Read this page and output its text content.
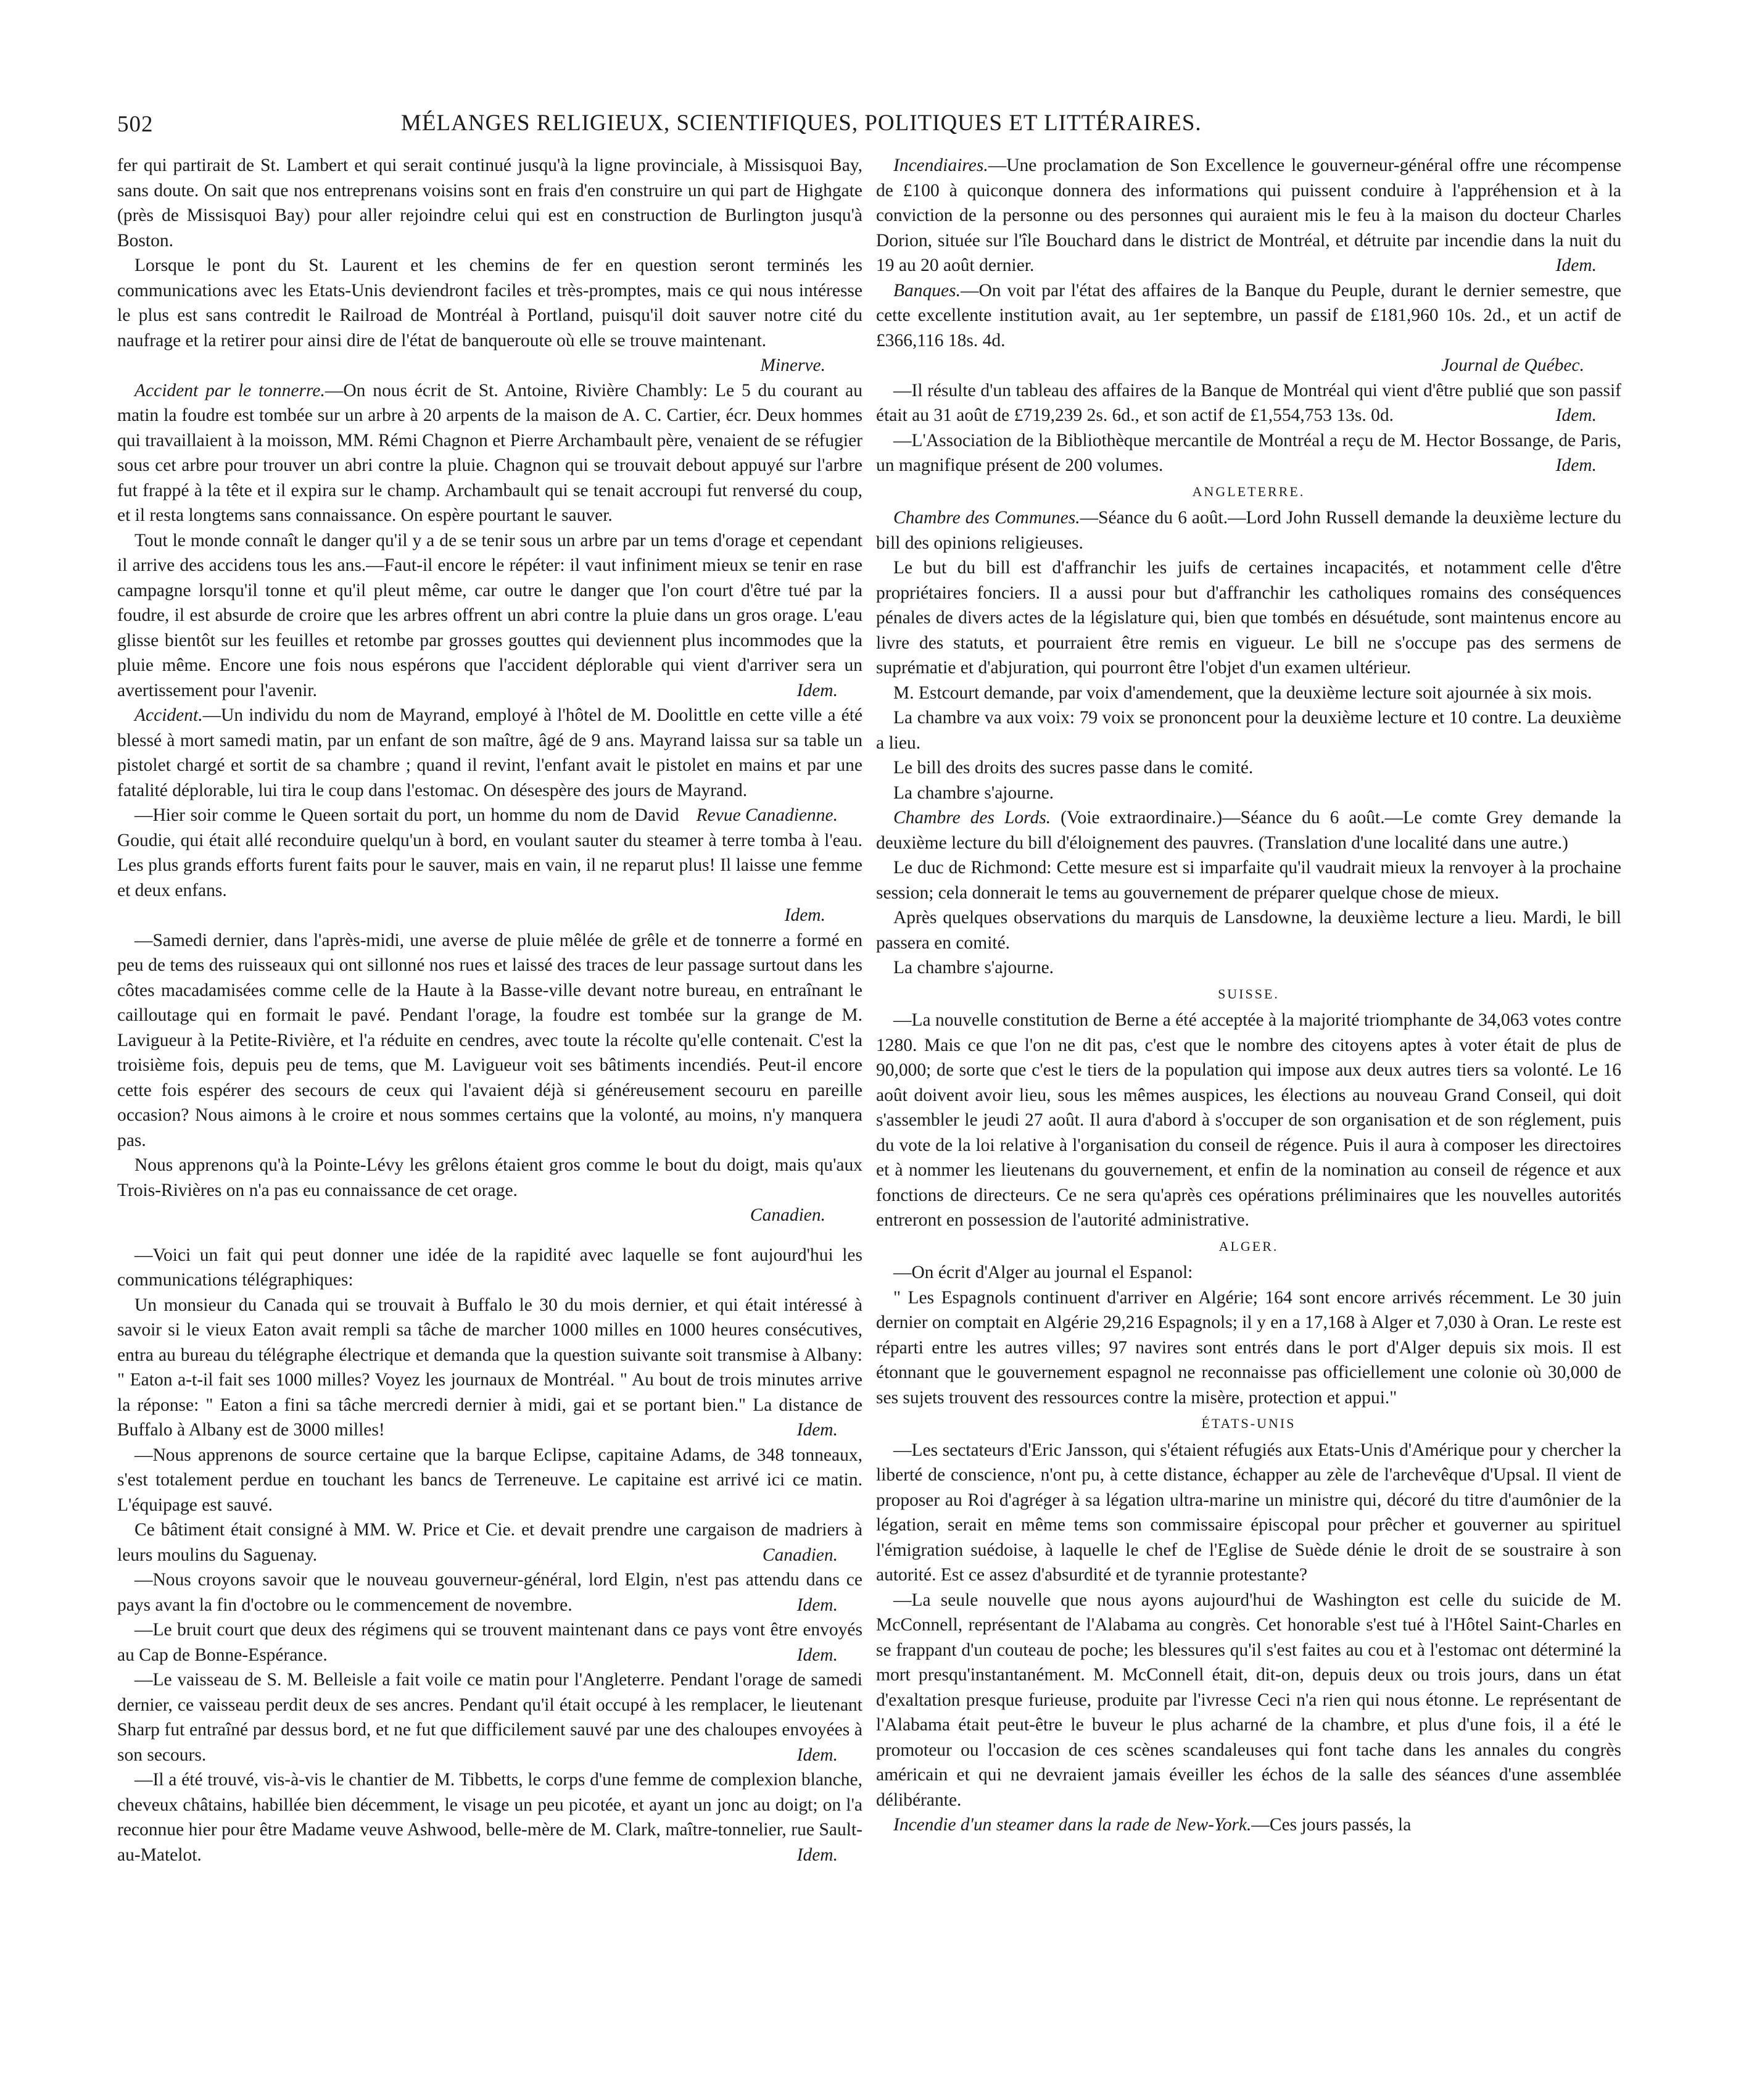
502	MÉLANGES RELIGIEUX, SCIENTIFIQUES, POLITIQUES ET LITTÉRAIRES.

fer qui partirait de St. Lambert et qui serait continué jusqu'à la ligne provinciale, à Missisquoi Bay, sans doute. On sait que nos entreprenans voisins sont en frais d'en construire un qui part de Highgate (près de Missisquoi Bay) pour aller rejoindre celui qui est en construction de Burlington jusqu'à Boston.

Lorsque le pont du St. Laurent et les chemins de fer en question seront terminés les communications avec les Etats-Unis deviendront faciles et très-promptes, mais ce qui nous intéresse le plus est sans contredit le Railroad de Montréal à Portland, puisqu'il doit sauver notre cité du naufrage et la retirer pour ainsi dire de l'état de banqueroute où elle se trouve maintenant.

Minerve.

Accident par le tonnerre.—On nous écrit de St. Antoine, Rivière Chambly: Le 5 du courant au matin la foudre est tombée sur un arbre à 20 arpents de la maison de A. C. Cartier, écr. Deux hommes qui travaillaient à la moisson, MM. Rémi Chagnon et Pierre Archambault père, venaient de se réfugier sous cet arbre pour trouver un abri contre la pluie. Chagnon qui se trouvait debout appuyé sur l'arbre fut frappé à la tête et il expira sur le champ. Archambault qui se tenait accroupi fut renversé du coup, et il resta longtems sans connaissance. On espère pourtant le sauver.

Tout le monde connaît le danger qu'il y a de se tenir sous un arbre par un tems d'orage et cependant il arrive des accidens tous les ans.—Faut-il encore le répéter: il vaut infiniment mieux se tenir en rase campagne lorsqu'il tonne et qu'il pleut même, car outre le danger que l'on court d'être tué par la foudre, il est absurde de croire que les arbres offrent un abri contre la pluie dans un gros orage. L'eau glisse bientôt sur les feuilles et retombe par grosses gouttes qui deviennent plus incommodes que la pluie même. Encore une fois nous espérons que l'accident déplorable qui vient d'arriver sera un avertissement pour l'avenir.	Idem.

Accident.—Un individu du nom de Mayrand, employé à l'hôtel de M. Doolittle en cette ville a été blessé à mort samedi matin, par un enfant de son maître, âgé de 9 ans. Mayrand laissa sur sa table un pistolet chargé et sortit de sa chambre ; quand il revint, l'enfant avait le pistolet en mains et par une fatalité déplorable, lui tira le coup dans l'estomac. On désespère des jours de Mayrand.
Revue Canadienne.

—Hier soir comme le Queen sortait du port, un homme du nom de David Goudie, qui était allé reconduire quelqu'un à bord, en voulant sauter du steamer à terre tomba à l'eau. Les plus grands efforts furent faits pour le sauver, mais en vain, il ne reparut plus! Il laisse une femme et deux enfans.

Idem.

—Samedi dernier, dans l'après-midi, une averse de pluie mêlée de grêle et de tonnerre a formé en peu de tems des ruisseaux qui ont sillonné nos rues et laissé des traces de leur passage surtout dans les côtes macadamisées comme celle de la Haute à la Basse-ville devant notre bureau, en entraînant le cailloutage qui en formait le pavé. Pendant l'orage, la foudre est tombée sur la grange de M. Lavigueur à la Petite-Rivière, et l'a réduite en cendres, avec toute la récolte qu'elle contenait. C'est la troisième fois, depuis peu de tems, que M. Lavigueur voit ses bâtiments incendiés. Peut-il encore cette fois espérer des secours de ceux qui l'avaient déjà si généreusement secouru en pareille occasion? Nous aimons à le croire et nous sommes certains que la volonté, au moins, n'y manquera pas.

Nous apprenons qu'à la Pointe-Lévy les grêlons étaient gros comme le bout du doigt, mais qu'aux Trois-Rivières on n'a pas eu connaissance de cet orage.

Canadien.

—Voici un fait qui peut donner une idée de la rapidité avec laquelle se font aujourd'hui les communications télégraphiques:

Un monsieur du Canada qui se trouvait à Buffalo le 30 du mois dernier, et qui était intéressé à savoir si le vieux Eaton avait rempli sa tâche de marcher 1000 milles en 1000 heures consécutives, entra au bureau du télégraphe électrique et demanda que la question suivante soit transmise à Albany: " Eaton a-t-il fait ses 1000 milles? Voyez les journaux de Montréal. " Au bout de trois minutes arrive la réponse: " Eaton a fini sa tâche mercredi dernier à midi, gai et se portant bien." La distance de Buffalo à Albany est de 3000 milles!	Idem.

—Nous apprenons de source certaine que la barque Eclipse, capitaine Adams, de 348 tonneaux, s'est totalement perdue en touchant les bancs de Terreneuve. Le capitaine est arrivé ici ce matin. L'équipage est sauvé.

Ce bâtiment était consigné à MM. W. Price et Cie. et devait prendre une cargaison de madriers à leurs moulins du Saguenay.	Canadien.

—Nous croyons savoir que le nouveau gouverneur-général, lord Elgin, n'est pas attendu dans ce pays avant la fin d'octobre ou le commencement de novembre.	Idem.

—Le bruit court que deux des régimens qui se trouvent maintenant dans ce pays vont être envoyés au Cap de Bonne-Espérance.	Idem.

—Le vaisseau de S. M. Belleisle a fait voile ce matin pour l'Angleterre. Pendant l'orage de samedi dernier, ce vaisseau perdit deux de ses ancres. Pendant qu'il était occupé à les remplacer, le lieutenant Sharp fut entraîné par dessus bord, et ne fut que difficilement sauvé par une des chaloupes envoyées à son secours.	Idem.

—Il a été trouvé, vis-à-vis le chantier de M. Tibbetts, le corps d'une femme de complexion blanche, cheveux châtains, habillée bien décemment, le visage un peu picotée, et ayant un jonc au doigt; on l'a reconnue hier pour être Madame veuve Ashwood, belle-mère de M. Clark, maître-tonnelier, rue Sault-au-Matelot.	Idem.

Incendiaires.—Une proclamation de Son Excellence le gouverneur-général offre une récompense de £100 à quiconque donnera des informations qui puissent conduire à l'appréhension et à la conviction de la personne ou des personnes qui auraient mis le feu à la maison du docteur Charles Dorion, située sur l'île Bouchard dans le district de Montréal, et détruite par incendie dans la nuit du 19 au 20 août dernier.	Idem.

Banques.—On voit par l'état des affaires de la Banque du Peuple, durant le dernier semestre, que cette excellente institution avait, au 1er septembre, un passif de £181,960 10s. 2d., et un actif de £366,116 18s. 4d.

Journal de Québec.

—Il résulte d'un tableau des affaires de la Banque de Montréal qui vient d'être publié que son passif était au 31 août de £719,239 2s. 6d., et son actif de £1,554,753 13s. 0d.	Idem.

—L'Association de la Bibliothèque mercantile de Montréal a reçu de M. Hector Bossange, de Paris, un magnifique présent de 200 volumes.	Idem.

ANGLETERRE.

Chambre des Communes.—Séance du 6 août.—Lord John Russell demande la deuxième lecture du bill des opinions religieuses.

Le but du bill est d'affranchir les juifs de certaines incapacités, et notamment celle d'être propriétaires fonciers. Il a aussi pour but d'affranchir les catholiques romains des conséquences pénales de divers actes de la législature qui, bien que tombés en désuétude, sont maintenus encore au livre des statuts, et pourraient être remis en vigueur. Le bill ne s'occupe pas des sermens de suprématie et d'abjuration, qui pourront être l'objet d'un examen ultérieur.

M. Estcourt demande, par voix d'amendement, que la deuxième lecture soit ajournée à six mois.

La chambre va aux voix: 79 voix se prononcent pour la deuxième lecture et 10 contre. La deuxième a lieu.

Le bill des droits des sucres passe dans le comité.

La chambre s'ajourne.

Chambre des Lords. (Voie extraordinaire.)—Séance du 6 août.—Le comte Grey demande la deuxième lecture du bill d'éloignement des pauvres. (Translation d'une localité dans une autre.)

Le duc de Richmond: Cette mesure est si imparfaite qu'il vaudrait mieux la renvoyer à la prochaine session; cela donnerait le tems au gouvernement de préparer quelque chose de mieux.

Après quelques observations du marquis de Lansdowne, la deuxième lecture a lieu. Mardi, le bill passera en comité.

La chambre s'ajourne.

SUISSE.

—La nouvelle constitution de Berne a été acceptée à la majorité triomphante de 34,063 votes contre 1280. Mais ce que l'on ne dit pas, c'est que le nombre des citoyens aptes à voter était de plus de 90,000; de sorte que c'est le tiers de la population qui impose aux deux autres tiers sa volonté. Le 16 août doivent avoir lieu, sous les mêmes auspices, les élections au nouveau Grand Conseil, qui doit s'assembler le jeudi 27 août. Il aura d'abord à s'occuper de son organisation et de son réglement, puis du vote de la loi relative à l'organisation du conseil de régence. Puis il aura à composer les directoires et à nommer les lieutenans du gouvernement, et enfin de la nomination au conseil de régence et aux fonctions de directeurs. Ce ne sera qu'après ces opérations préliminaires que les nouvelles autorités entreront en possession de l'autorité administrative.

ALGER.

—On écrit d'Alger au journal el Espanol:

" Les Espagnols continuent d'arriver en Algérie; 164 sont encore arrivés récemment. Le 30 juin dernier on comptait en Algérie 29,216 Espagnols; il y en a 17,168 à Alger et 7,030 à Oran. Le reste est réparti entre les autres villes; 97 navires sont entrés dans le port d'Alger depuis six mois. Il est étonnant que le gouvernement espagnol ne reconnaisse pas officiellement une colonie où 30,000 de ses sujets trouvent des ressources contre la misère, protection et appui."

ÉTATS-UNIS

—Les sectateurs d'Eric Jansson, qui s'étaient réfugiés aux Etats-Unis d'Amérique pour y chercher la liberté de conscience, n'ont pu, à cette distance, échapper au zèle de l'archevêque d'Upsal. Il vient de proposer au Roi d'agréger à sa légation ultra-marine un ministre qui, décoré du titre d'aumônier de la légation, serait en même tems son commissaire épiscopal pour prêcher et gouverner au spirituel l'émigration suédoise, à laquelle le chef de l'Eglise de Suède dénie le droit de se soustraire à son autorité. Est ce assez d'absurdité et de tyrannie protestante?

—La seule nouvelle que nous ayons aujourd'hui de Washington est celle du suicide de M. McConnell, représentant de l'Alabama au congrès. Cet honorable s'est tué à l'Hôtel Saint-Charles en se frappant d'un couteau de poche; les blessures qu'il s'est faites au cou et à l'estomac ont déterminé la mort presqu'instantanément. M. McConnell était, dit-on, depuis deux ou trois jours, dans un état d'exaltation presque furieuse, produite par l'ivresse Ceci n'a rien qui nous étonne. Le représentant de l'Alabama était peut-être le buveur le plus acharné de la chambre, et plus d'une fois, il a été le promoteur ou l'occasion de ces scènes scandaleuses qui font tache dans les annales du congrès américain et qui ne devraient jamais éveiller les échos de la salle des séances d'une assemblée délibérante.

Incendie d'un steamer dans la rade de New-York.—Ces jours passés, la
